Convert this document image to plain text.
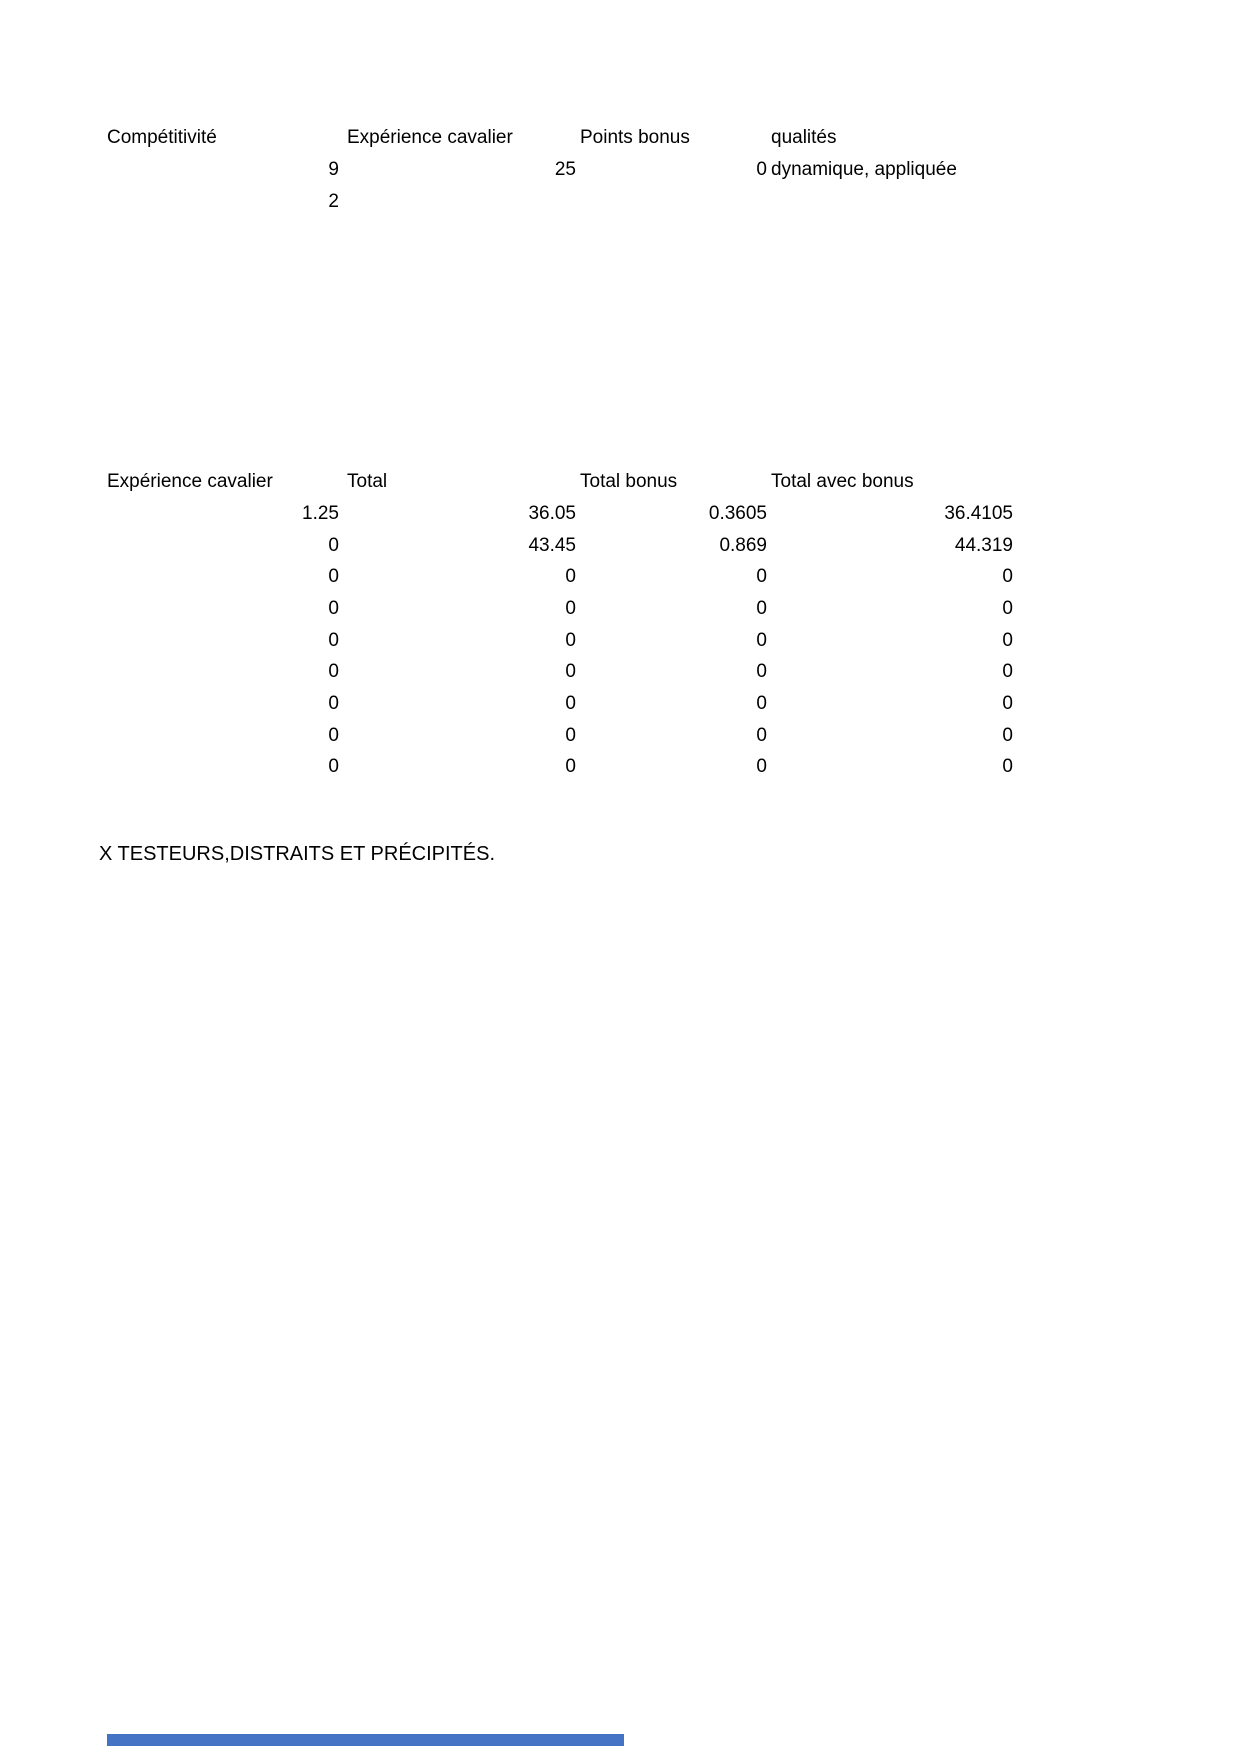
Compétitivité	Expérience cavalier	Points bonus	qualités
9	25	0 dynamique, appliquée
2
Expérience cavalier	Total	Total bonus	Total avec bonus
1.25	36.05	0.3605	36.4105
0	43.45	0.869	44.319
0	0	0	0
0	0	0	0
0	0	0	0
0	0	0	0
0	0	0	0
0	0	0	0
0	0	0	0
X TESTEURS,DISTRAITS ET PRÉCIPITÉS.
